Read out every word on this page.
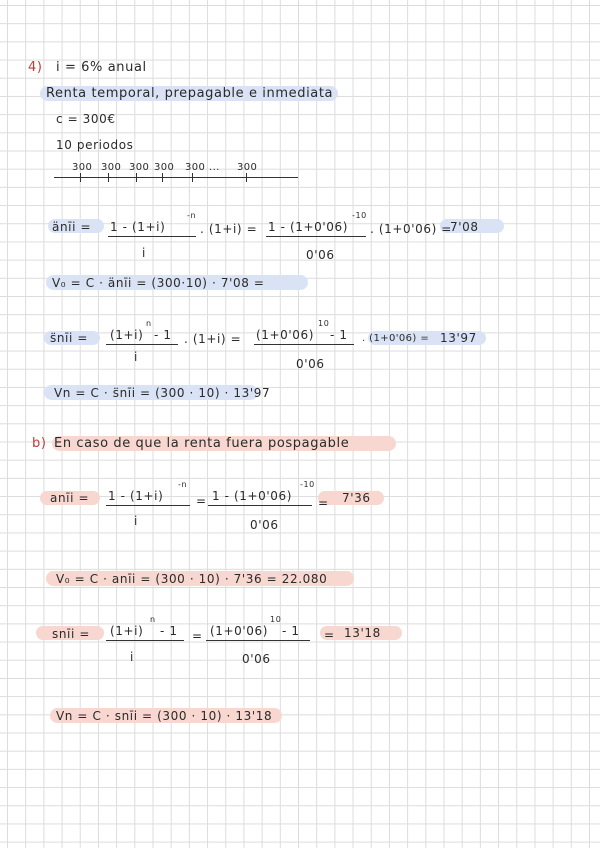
4) i = 6% anual
Renta temporal, prepagable e inmediata
c = 300€
10 periodos
300 300 300 300 300 ... 300
änı̄i = 1 - (1+i)
-n
i
. (1+i) = 1 - (1+0'06)
-10
0'06
. (1+0'06) =
7'08
V₀ = C · änı̄i = (300·10) · 7'08 =
s̈nı̄i = (1+i)
n
- 1
i
. (1+i) = (1+0'06)
10
- 1
0'06
. (1+0'06) = 13'97
Vn = C · s̈nı̄i = (300 · 10) · 13'97
b) En caso de que la renta fuera pospagable
anı̄i = 1 - (1+i)
-n
i
= 1 - (1+0'06)
-10
0'06
= 7'36
V₀ = C · anı̄i = (300 · 10) · 7'36 = 22.080
snı̄i = (1+i)
n
- 1
i
= (1+0'06)
10
- 1
0'06
= 13'18
Vn = C · snı̄i = (300 · 10) · 13'18
